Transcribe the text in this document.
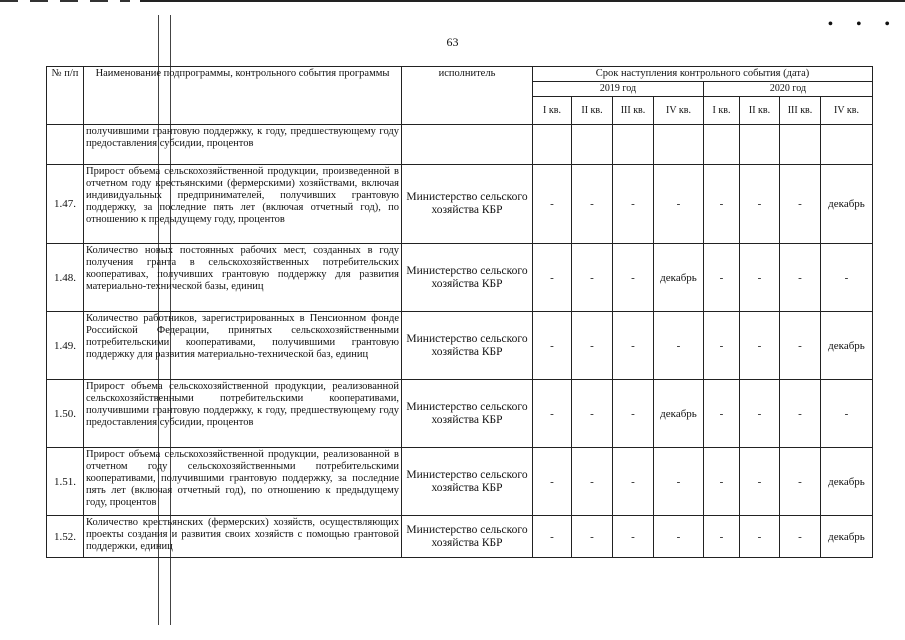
• • •
63
№ п/п	Наименование подпрограммы, контрольного события программы	исполнитель	Срок наступления контрольного события (дата)							
			2019 год				2020 год			
			I кв.	II кв.	III кв.	IV кв.	I кв.	II кв.	III кв.	IV кв.
	получившими грантовую поддержку, к году, предшествующему году предоставления субсидии, процентов									
1.47.	Прирост объема сельскохозяйственной продукции, произведенной в отчетном году крестьянскими (фермерскими) хозяйствами, включая индивидуальных предпринимателей, получивших грантовую поддержку, за последние пять лет (включая отчетный год), по отношению к предыдущему году, процентов	Министерство сельского хозяйства КБР	-	-	-	-	-	-	-	декабрь
1.48.	Количество новых постоянных рабочих мест, созданных в году получения гранта в сельскохозяйственных потребительских кооперативах, получивших грантовую поддержку для развития материально-технической базы, единиц	Министерство сельского хозяйства КБР	-	-	-	декабрь	-	-	-	-
1.49.	Количество работников, зарегистрированных в Пенсионном фонде Российской Федерации, принятых сельскохозяйственными потребительскими кооперативами, получившими грантовую поддержку для развития материально-технической баз, единиц	Министерство сельского хозяйства КБР	-	-	-	-	-	-	-	декабрь
1.50.	Прирост объема сельскохозяйственной продукции, реализованной сельскохозяйственными потребительскими кооперативами, получившими грантовую поддержку, к году, предшествующему году предоставления субсидии, процентов	Министерство сельского хозяйства КБР	-	-	-	декабрь	-	-	-	-
1.51.	Прирост объема сельскохозяйственной продукции, реализованной в отчетном году сельскохозяйственными потребительскими кооперативами, получившими грантовую поддержку, за последние пять лет (включая отчетный год), по отношению к предыдущему году, процентов	Министерство сельского хозяйства КБР	-	-	-	-	-	-	-	декабрь
1.52.	Количество крестьянских (фермерских) хозяйств, осуществляющих проекты создания и развития своих хозяйств с помощью грантовой поддержки, единиц	Министерство сельского хозяйства КБР	-	-	-	-	-	-	-	декабрь
